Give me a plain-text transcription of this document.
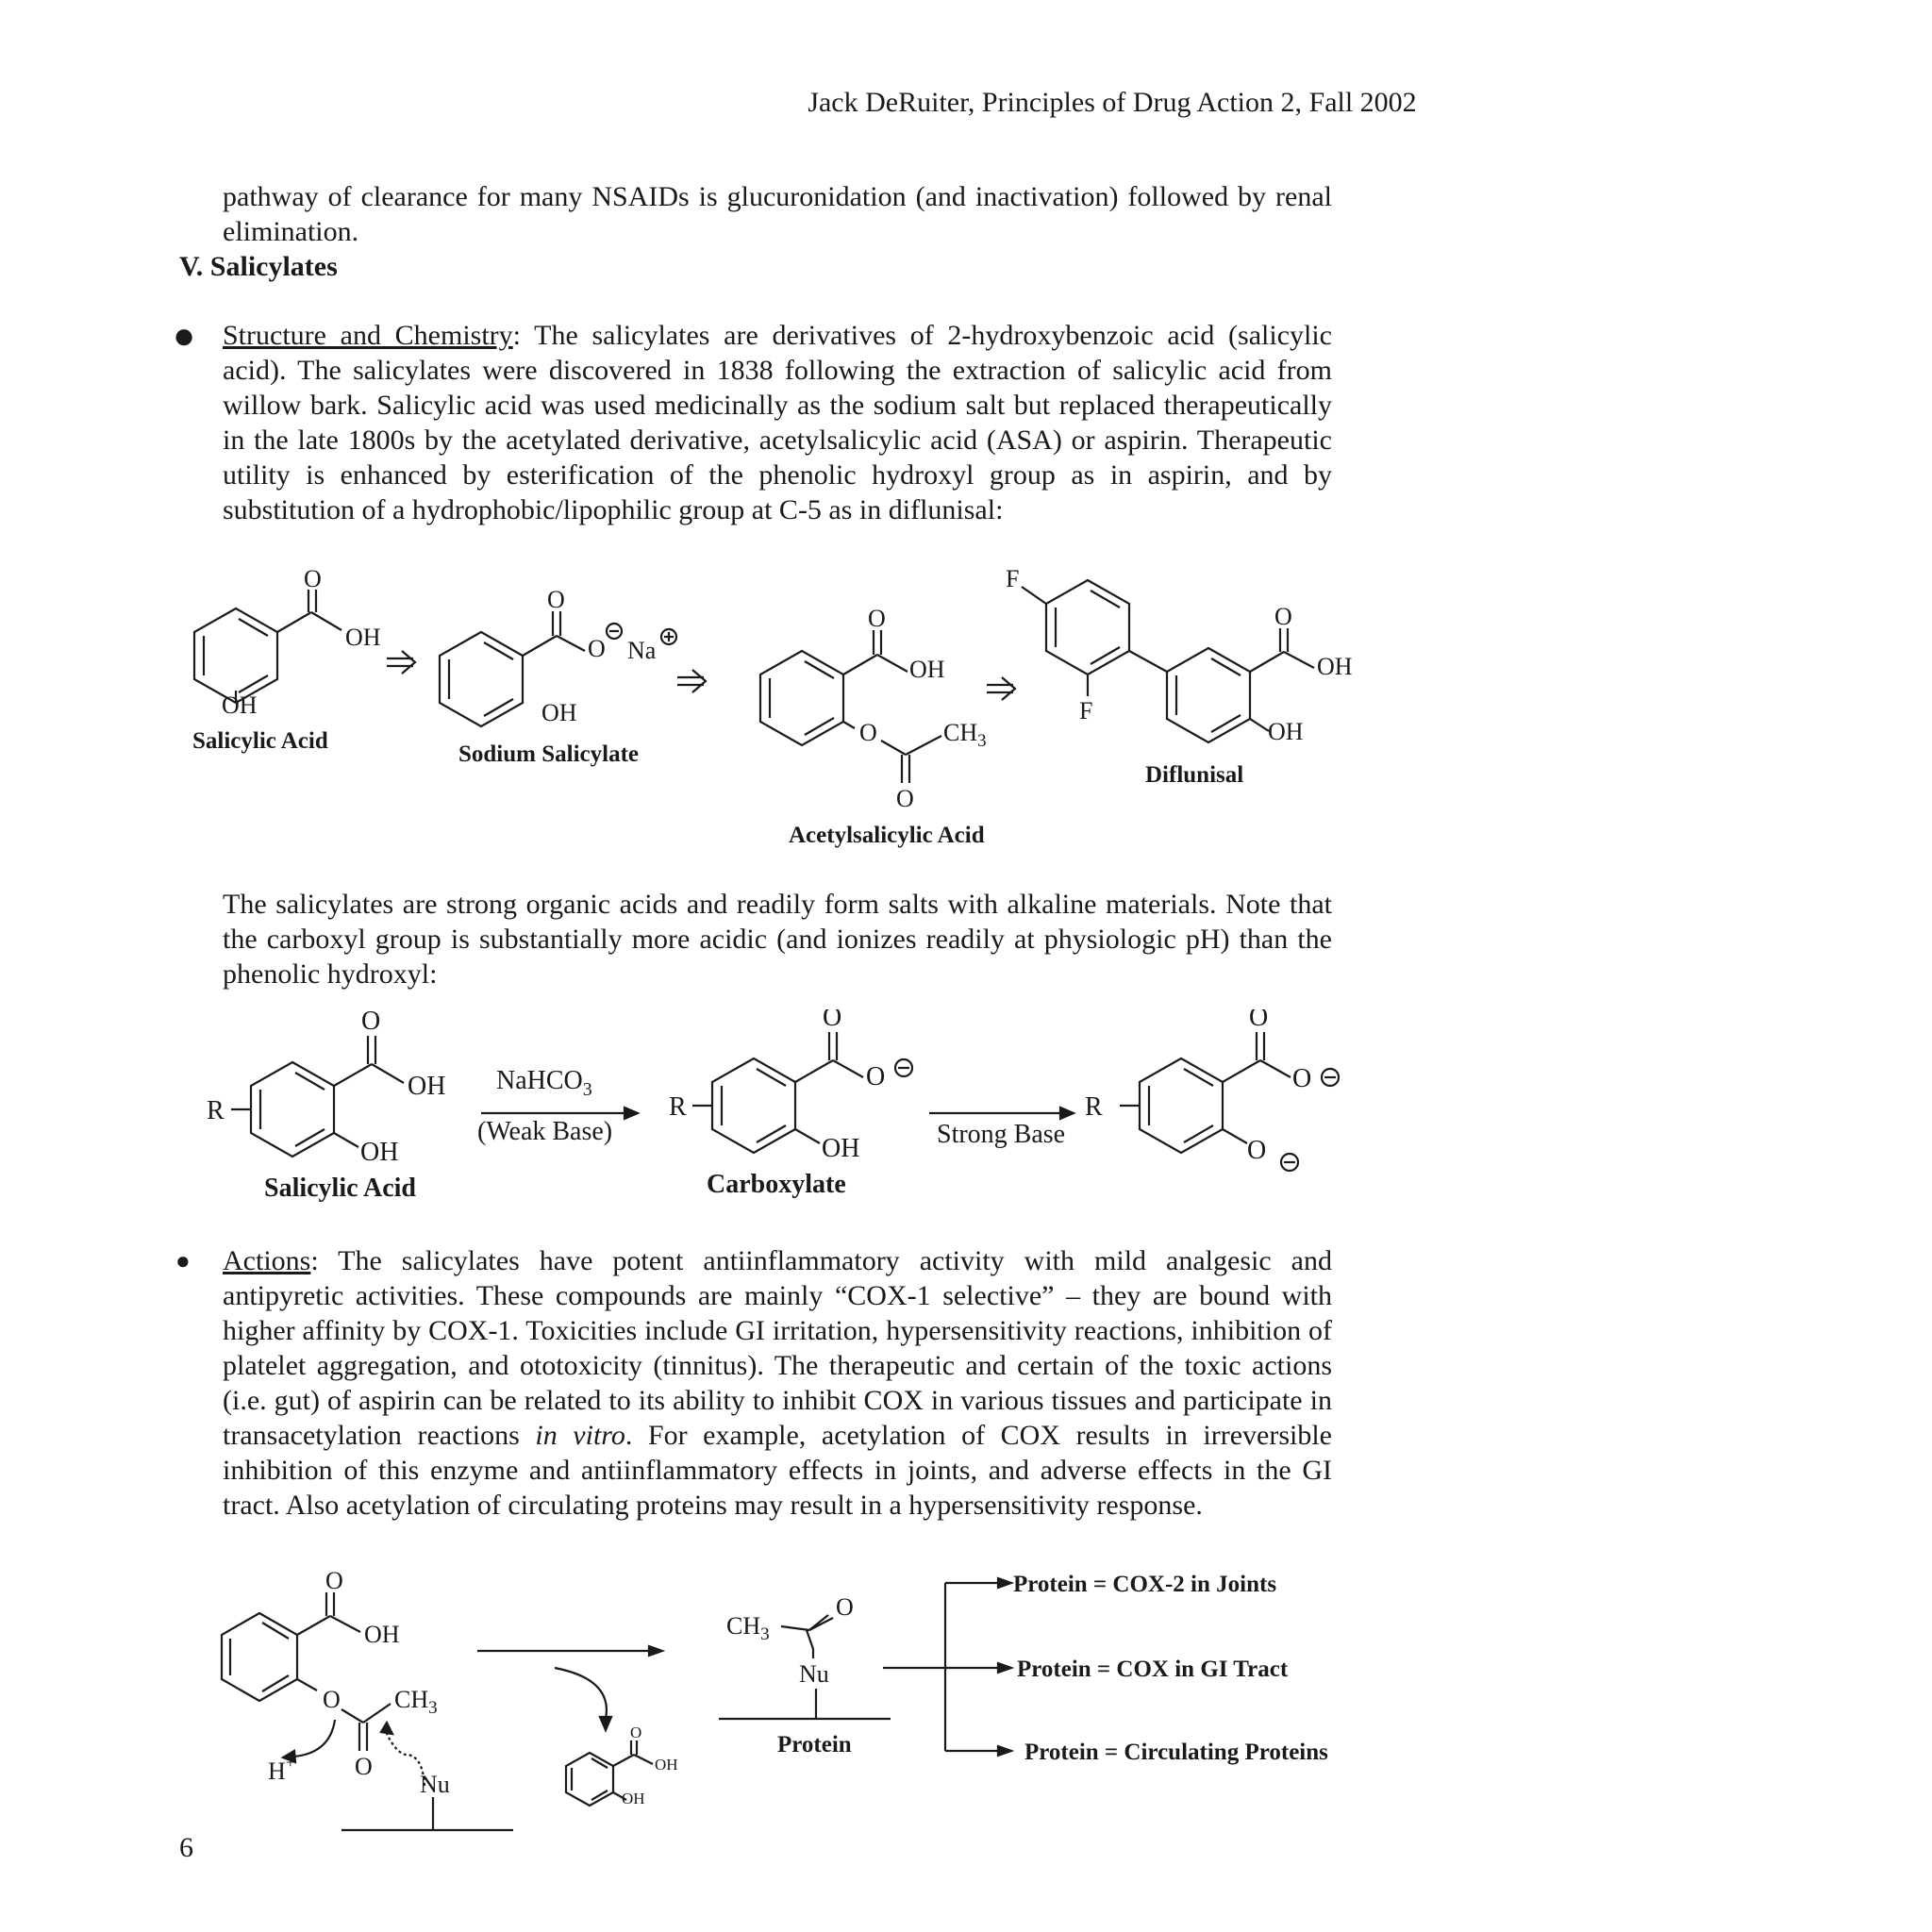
Jack DeRuiter, Principles of Drug Action 2, Fall 2002
pathway of clearance for many NSAIDs is glucuronidation (and inactivation) followed by renal elimination.
V. Salicylates
● Structure and Chemistry: The salicylates are derivatives of 2-hydroxybenzoic acid (salicylic acid). The salicylates were discovered in 1838 following the extraction of salicylic acid from willow bark. Salicylic acid was used medicinally as the sodium salt but replaced therapeutically in the late 1800s by the acetylated derivative, acetylsalicylic acid (ASA) or aspirin. Therapeutic utility is enhanced by esterification of the phenolic hydroxyl group as in aspirin, and by substitution of a hydrophobic/lipophilic group at C-5 as in diflunisal:
O
OH
OH
Salicylic Acid
O
O Na
OH
Sodium Salicylate
O
OH
O	$CH_3$
O
Acetylsalicylic Acid
F
F
O
OH
OH
Diflunisal
The salicylates are strong organic acids and readily form salts with alkaline materials. Note that the carboxyl group is substantially more acidic (and ionizes readily at physiologic pH) than the phenolic hydroxyl:
R
O
OH
OH
NaHCO$_3$
(Weak Base)
Salicylic Acid
R
O
O
OH
Carboxylate
Strong Base
R
O
O
O
● Actions: The salicylates have potent antiinflammatory activity with mild analgesic and antipyretic activities. These compounds are mainly “COX-1 selective” – they are bound with higher affinity by COX-1. Toxicities include GI irritation, hypersensitivity reactions, inhibition of platelet aggregation, and ototoxicity (tinnitus). The therapeutic and certain of the toxic actions (i.e. gut) of aspirin can be related to its ability to inhibit COX in various tissues and participate in transacetylation reactions in vitro. For example, acetylation of COX results in irreversible inhibition of this enzyme and antiinflammatory effects in joints, and adverse effects in the GI tract. Also acetylation of circulating proteins may result in a hypersensitivity response.
O
OH
O $CH_3$
O
H+
Nu
O
OH
OH
$CH_3$
O
Nu
Protein
Protein = COX-2 in Joints
Protein = COX in GI Tract
Protein = Circulating Proteins
6
